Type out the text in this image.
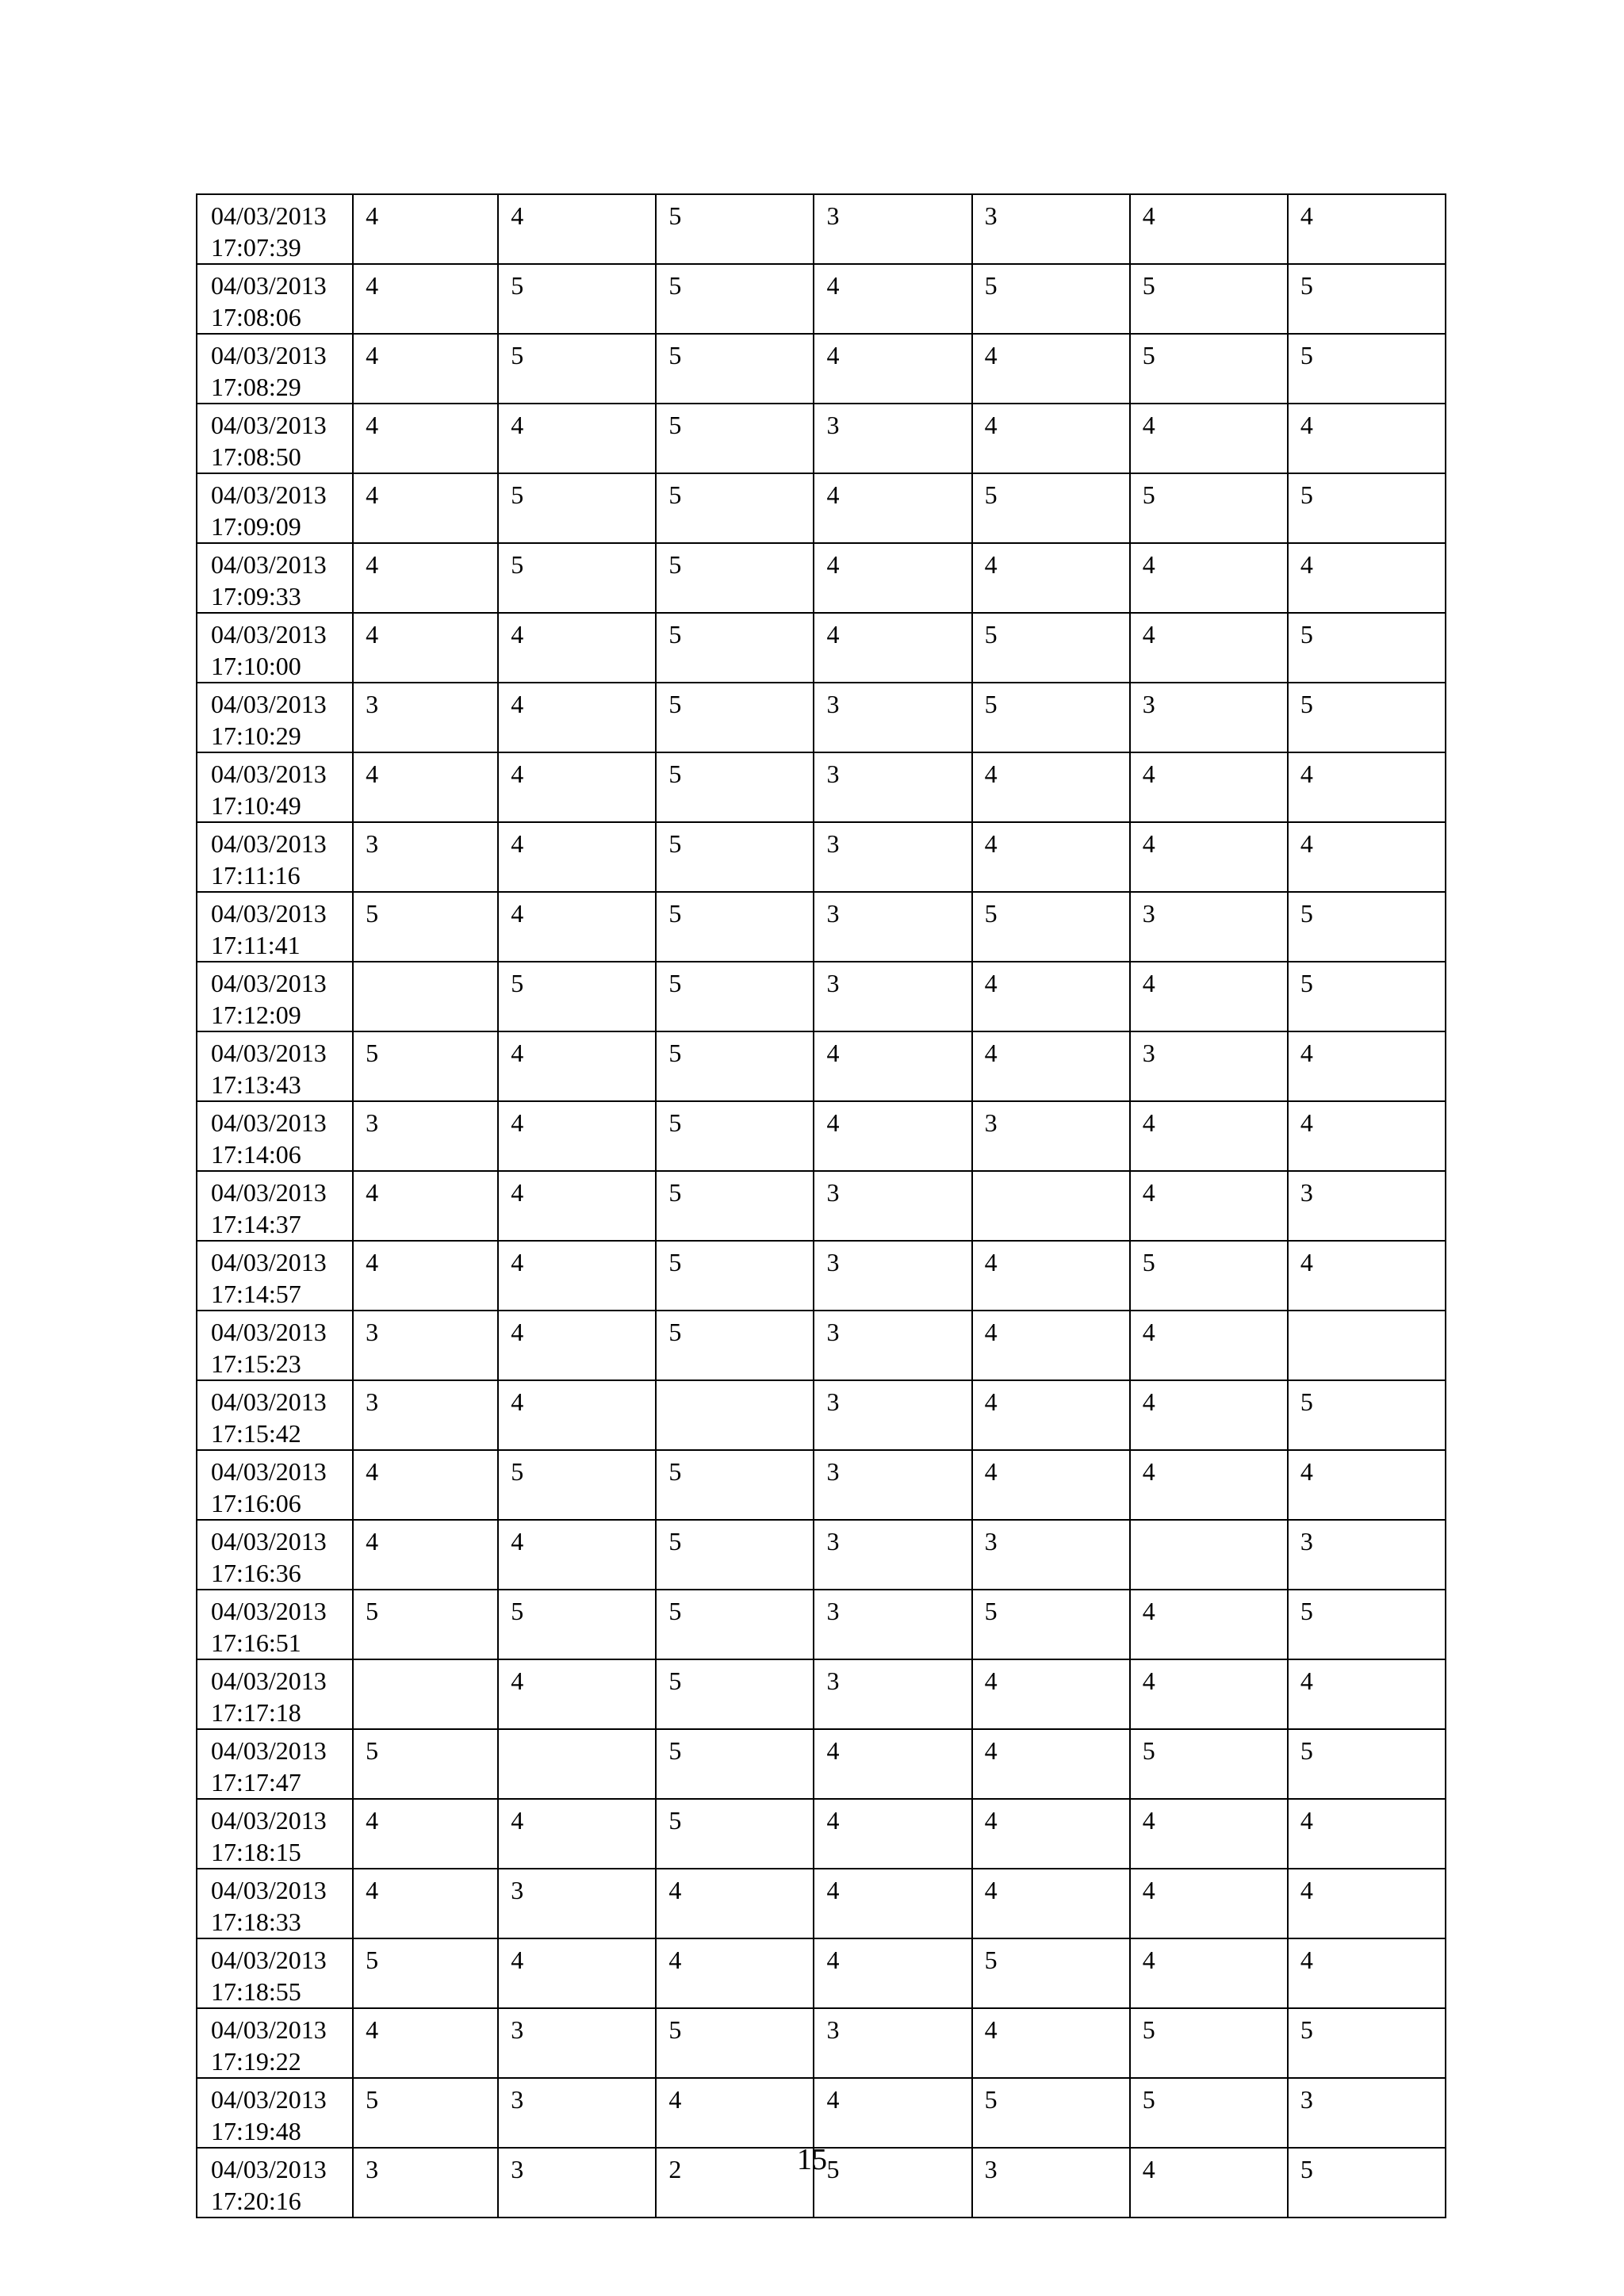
04/03/2013
17:07:39	4	4	5	3	3	4	4
04/03/2013
17:08:06	4	5	5	4	5	5	5
04/03/2013
17:08:29	4	5	5	4	4	5	5
04/03/2013
17:08:50	4	4	5	3	4	4	4
04/03/2013
17:09:09	4	5	5	4	5	5	5
04/03/2013
17:09:33	4	5	5	4	4	4	4
04/03/2013
17:10:00	4	4	5	4	5	4	5
04/03/2013
17:10:29	3	4	5	3	5	3	5
04/03/2013
17:10:49	4	4	5	3	4	4	4
04/03/2013
17:11:16	3	4	5	3	4	4	4
04/03/2013
17:11:41	5	4	5	3	5	3	5
04/03/2013
17:12:09		5	5	3	4	4	5
04/03/2013
17:13:43	5	4	5	4	4	3	4
04/03/2013
17:14:06	3	4	5	4	3	4	4
04/03/2013
17:14:37	4	4	5	3		4	3
04/03/2013
17:14:57	4	4	5	3	4	5	4
04/03/2013
17:15:23	3	4	5	3	4	4	
04/03/2013
17:15:42	3	4		3	4	4	5
04/03/2013
17:16:06	4	5	5	3	4	4	4
04/03/2013
17:16:36	4	4	5	3	3		3
04/03/2013
17:16:51	5	5	5	3	5	4	5
04/03/2013
17:17:18		4	5	3	4	4	4
04/03/2013
17:17:47	5		5	4	4	5	5
04/03/2013
17:18:15	4	4	5	4	4	4	4
04/03/2013
17:18:33	4	3	4	4	4	4	4
04/03/2013
17:18:55	5	4	4	4	5	4	4
04/03/2013
17:19:22	4	3	5	3	4	5	5
04/03/2013
17:19:48	5	3	4	4	5	5	3
04/03/2013
17:20:16	3	3	2	5	3	4	5
15
